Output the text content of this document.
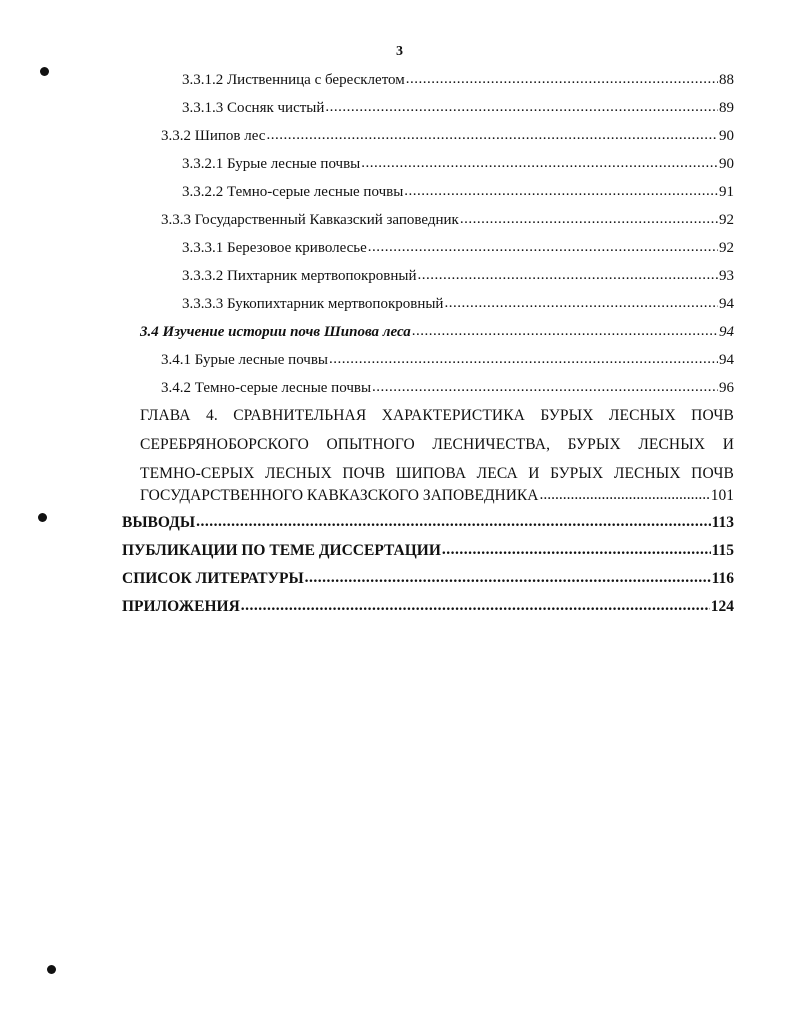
3
3.3.1.2 Лиственница с бересклетом .....	88
3.3.1.3 Сосняк чистый .....	89
3.3.2 Шипов лес .....	90
3.3.2.1 Бурые лесные почвы .....	90
3.3.2.2 Темно-серые лесные почвы .....	91
3.3.3 Государственный Кавказский заповедник .....	92
3.3.3.1 Березовое криволесье .....	92
3.3.3.2 Пихтарник мертвопокровный .....	93
3.3.3.3 Букопихтарник мертвопокровный .....	94
3.4 Изучение истории почв Шипова леса .....	94
3.4.1 Бурые лесные почвы .....	94
3.4.2 Темно-серые лесные почвы .....	96
ГЛАВА 4. СРАВНИТЕЛЬНАЯ ХАРАКТЕРИСТИКА БУРЫХ ЛЕСНЫХ ПОЧВ
СЕРЕБРЯНОБОРСКОГО ОПЫТНОГО ЛЕСНИЧЕСТВА, БУРЫХ ЛЕСНЫХ И
ТЕМНО-СЕРЫХ ЛЕСНЫХ ПОЧВ ШИПОВА ЛЕСА И БУРЫХ ЛЕСНЫХ ПОЧВ
ГОСУДАРСТВЕННОГО КАВКАЗСКОГО ЗАПОВЕДНИКА .....	101
ВЫВОДЫ .....	113
ПУБЛИКАЦИИ ПО ТЕМЕ ДИССЕРТАЦИИ .....	115
СПИСОК ЛИТЕРАТУРЫ .....	116
ПРИЛОЖЕНИЯ .....	124
